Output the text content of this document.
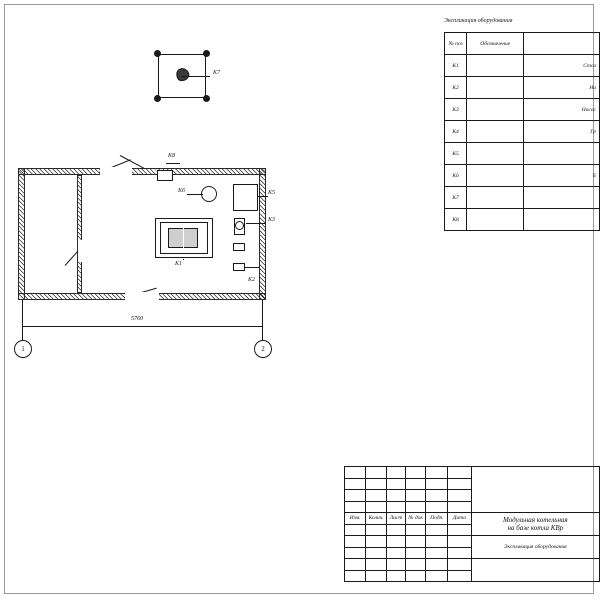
К7
К8
К6	К5
К3
К2
К1
5760
1	2
Экспликация оборудования
№ поз	Обозначение	
К1		Стол
К2		На
К3		Насос
К4		Гр
К5		
К6		Б
К7		
К8		

Изм.	Колич.	Лист	№ док	Подп.	Дата	Модульная котельная
на базе котла КВр

						Экспликация оборудования
